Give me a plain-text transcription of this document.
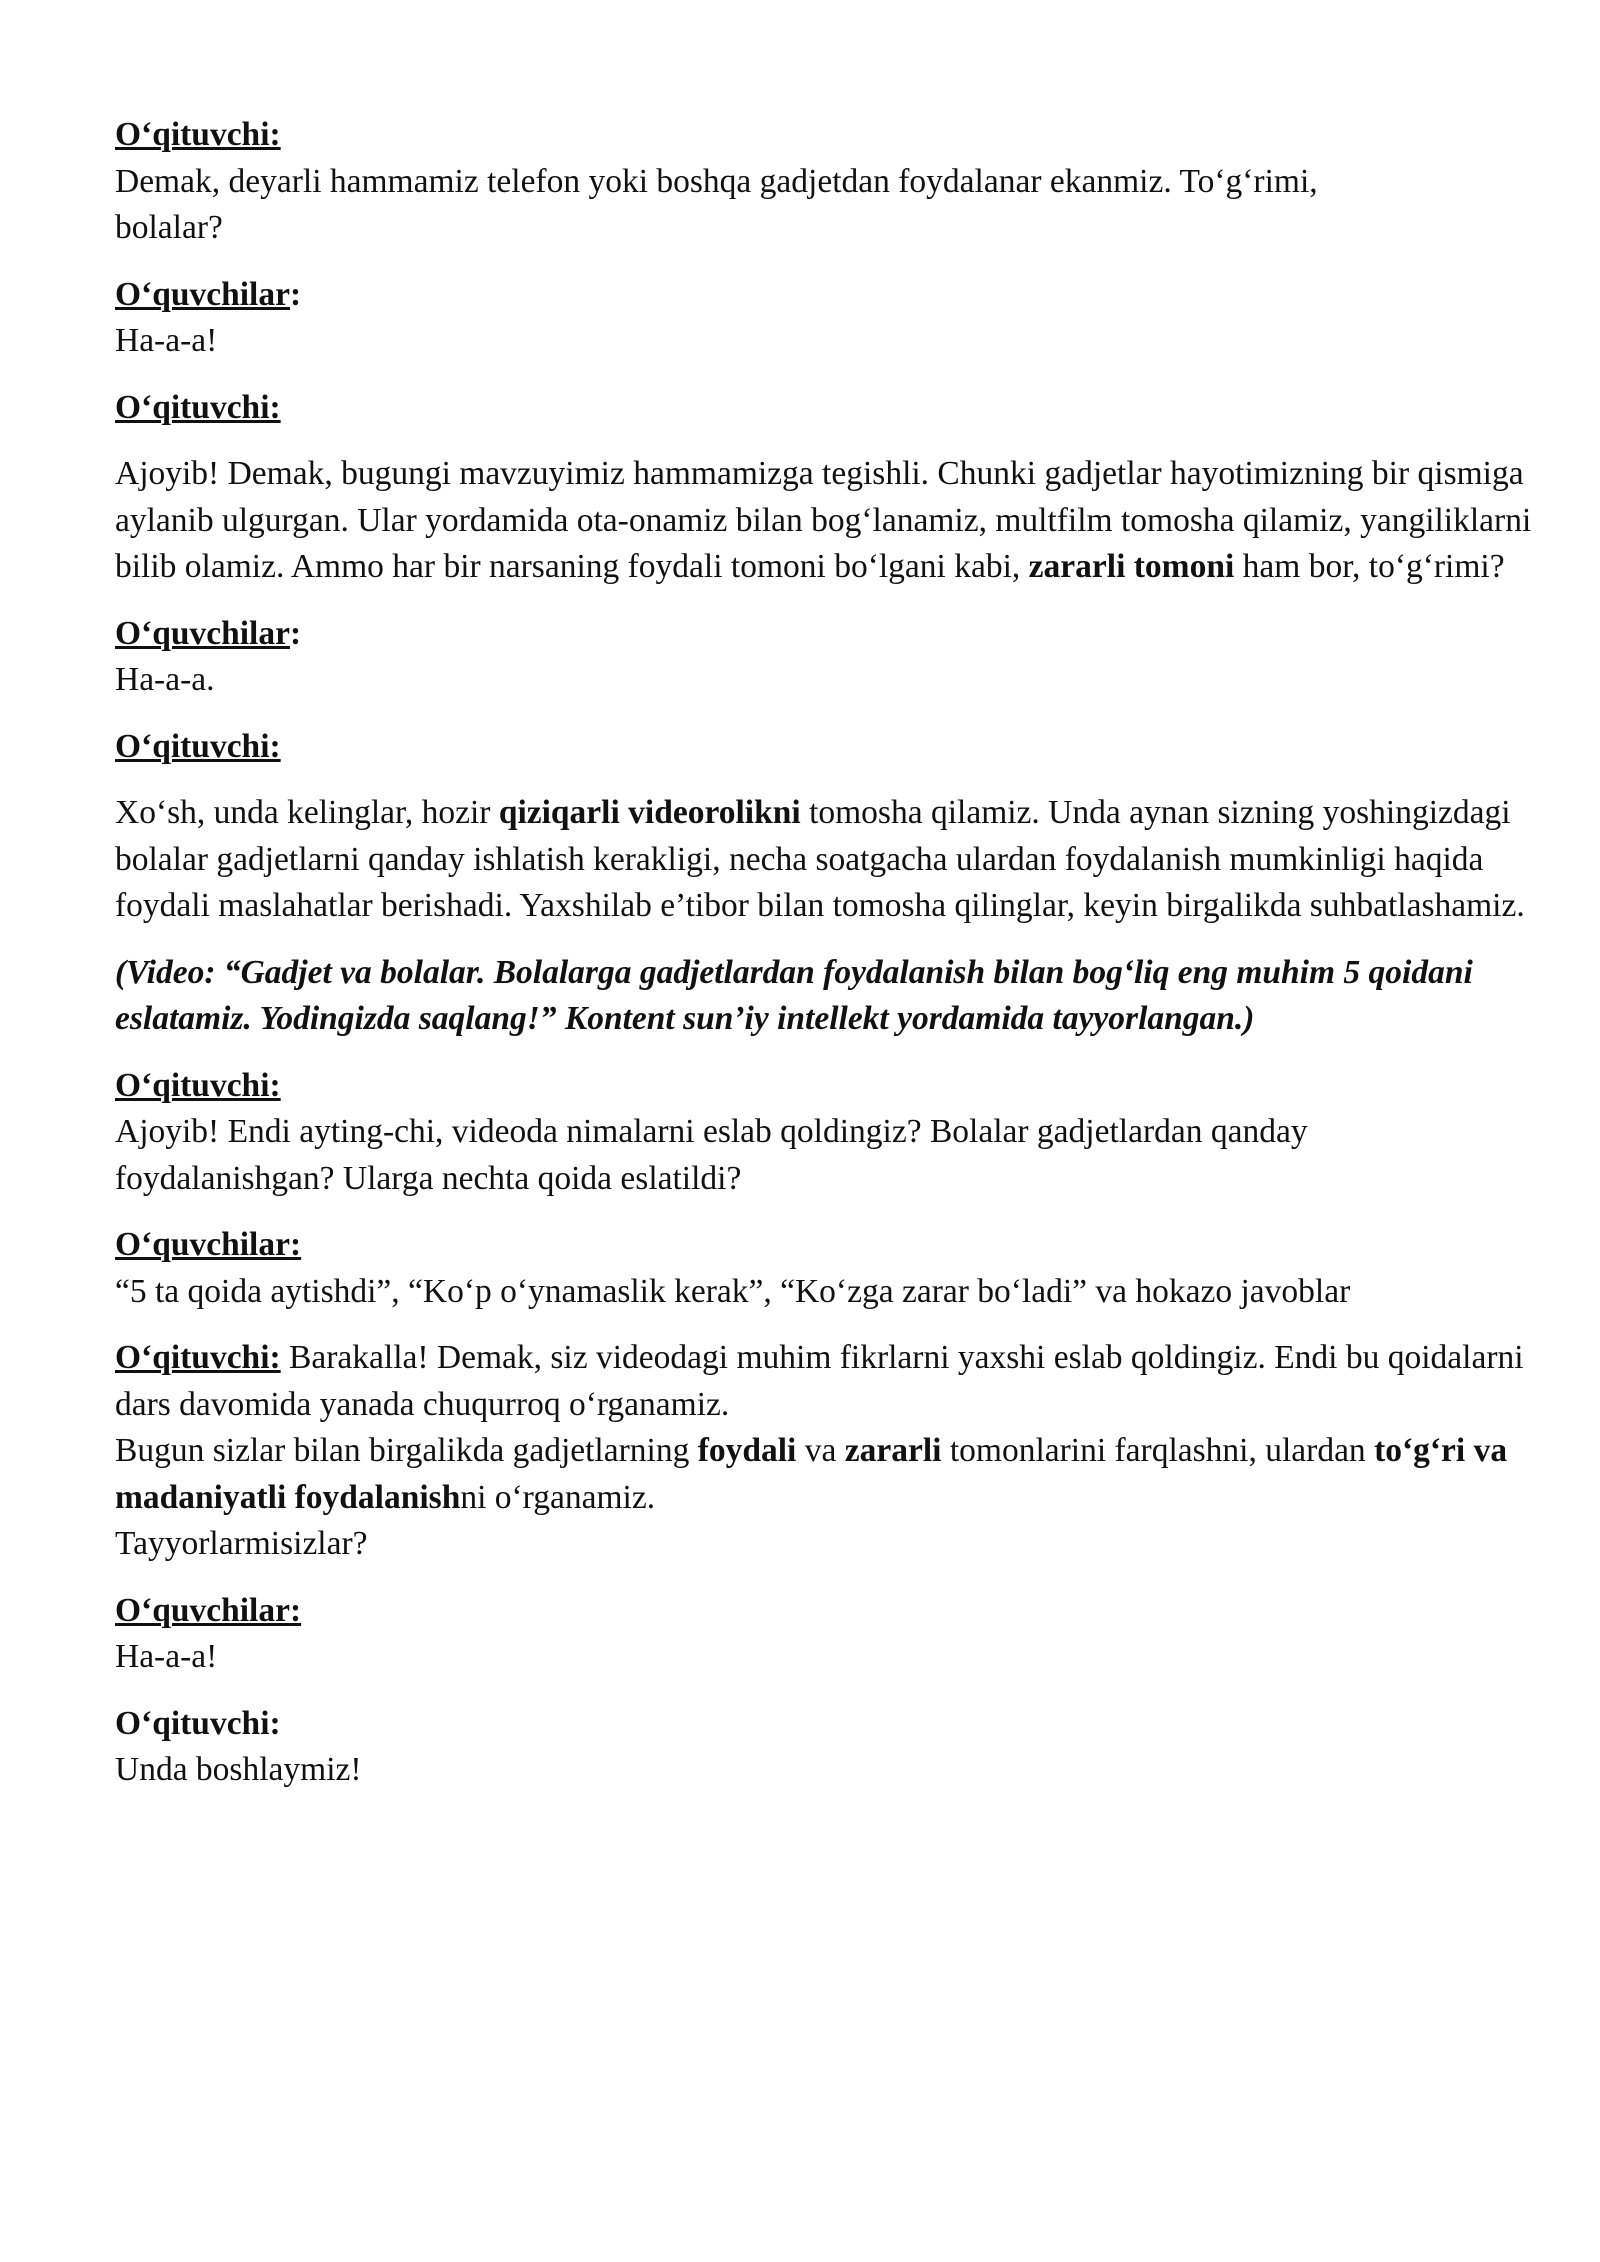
O‘qituvchi:
Demak, deyarli hammamiz telefon yoki boshqa gadjetdan foydalanar ekanmiz. To‘g‘rimi,
bolalar?
O‘quvchilar:
Ha-a-a!
O‘qituvchi:
Ajoyib! Demak, bugungi mavzuyimiz hammamizga tegishli. Chunki gadjetlar hayotimizning bir qismiga aylanib ulgurgan. Ular yordamida ota-onamiz bilan bog‘lanamiz, multfilm tomosha qilamiz, yangiliklarni bilib olamiz. Ammo har bir narsaning foydali tomoni bo‘lgani kabi, zararli tomoni ham bor, to‘g‘rimi?
O‘quvchilar:
Ha-a-a.
O‘qituvchi:
Xo‘sh, unda kelinglar, hozir qiziqarli videorolikni tomosha qilamiz. Unda aynan sizning yoshingizdagi bolalar gadjetlarni qanday ishlatish kerakligi, necha soatgacha ulardan foydalanish mumkinligi haqida foydali maslahatlar berishadi. Yaxshilab e’tibor bilan tomosha qilinglar, keyin birgalikda suhbatlashamiz.
(Video: “Gadjet va bolalar. Bolalarga gadjetlardan foydalanish bilan bog‘liq eng muhim 5 qoidani eslatamiz. Yodingizda saqlang!” Kontent sun’iy intellekt yordamida tayyorlangan.)
O‘qituvchi:
Ajoyib! Endi ayting-chi, videoda nimalarni eslab qoldingiz? Bolalar gadjetlardan qanday
foydalanishgan? Ularga nechta qoida eslatildi?
O‘quvchilar:
“5 ta qoida aytishdi”, “Ko‘p o‘ynamaslik kerak”, “Ko‘zga zarar bo‘ladi” va hokazo javoblar
O‘qituvchi: Barakalla! Demak, siz videodagi muhim fikrlarni yaxshi eslab qoldingiz. Endi bu qoidalarni dars davomida yanada chuqurroq o‘rganamiz.
Bugun sizlar bilan birgalikda gadjetlarning foydali va zararli tomonlarini farqlashni, ulardan to‘g‘ri va madaniyatli foydalanishni o‘rganamiz.
Tayyorlarmisizlar?
O‘quvchilar:
Ha-a-a!
O‘qituvchi:
Unda boshlaymiz!
